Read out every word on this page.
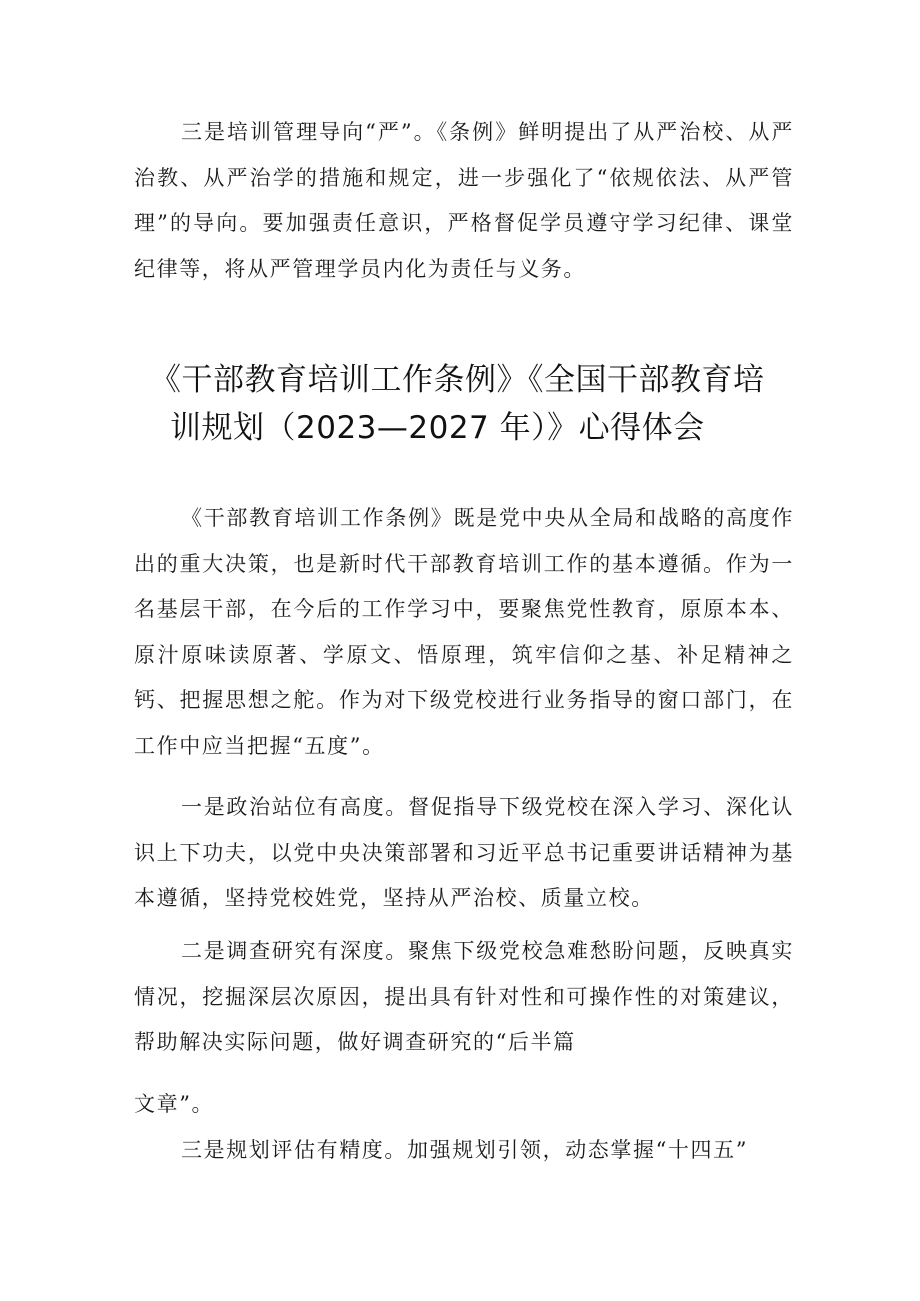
三是培训管理导向“严”。《条例》鲜明提出了从严治校、从严治教、从严治学的措施和规定，进一步强化了“依规依法、从严管理”的导向。要加强责任意识，严格督促学员遵守学习纪律、课堂纪律等，将从严管理学员内化为责任与义务。

《干部教育培训工作条例》《全国干部教育培
训规划（2023—2027 年）》心得体会

《干部教育培训工作条例》既是党中央从全局和战略的高度作出的重大决策，也是新时代干部教育培训工作的基本遵循。作为一名基层干部，在今后的工作学习中，要聚焦党性教育，原原本本、原汁原味读原著、学原文、悟原理，筑牢信仰之基、补足精神之钙、把握思想之舵。作为对下级党校进行业务指导的窗口部门，在工作中应当把握“五度”。

一是政治站位有高度。督促指导下级党校在深入学习、深化认识上下功夫，以党中央决策部署和习近平总书记重要讲话精神为基本遵循，坚持党校姓党，坚持从严治校、质量立校。

二是调查研究有深度。聚焦下级党校急难愁盼问题，反映真实情况，挖掘深层次原因，提出具有针对性和可操作性的对策建议，帮助解决实际问题，做好调查研究的“后半篇

文章”。

三是规划评估有精度。加强规划引领，动态掌握“十四五”
